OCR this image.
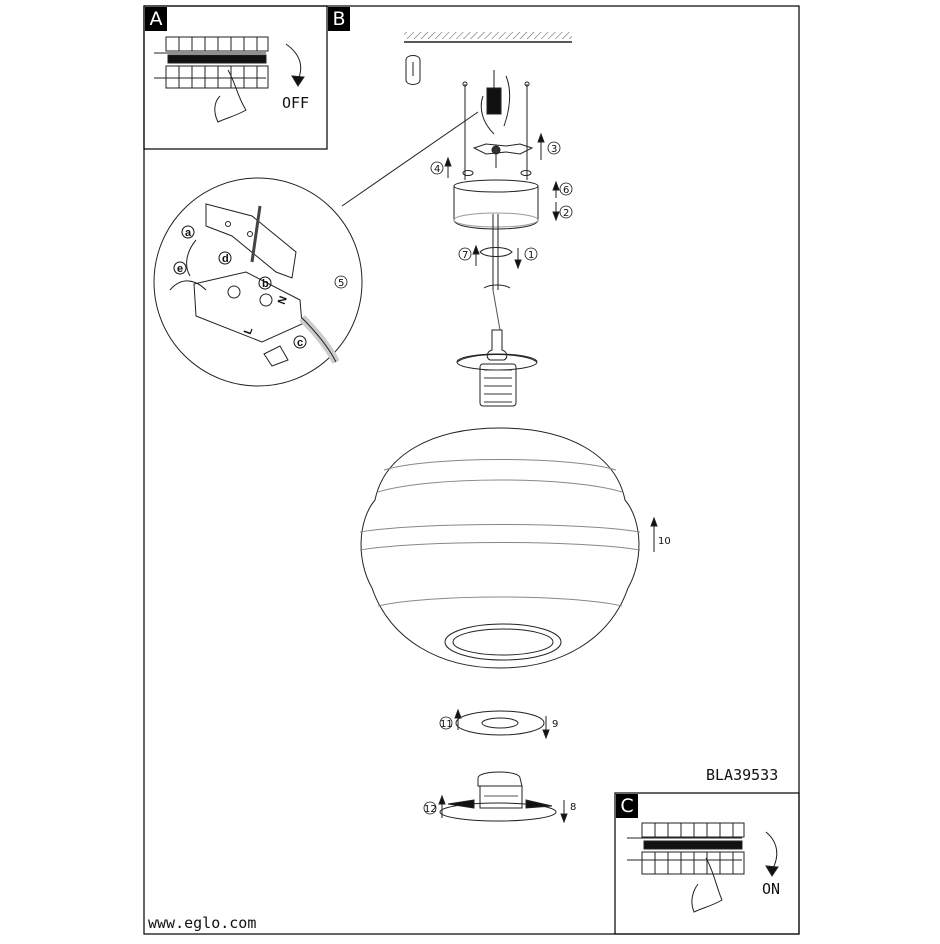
A	B
C
OFF
ON
BLA39533
www.eglo.com
3
4
6
2
7	1
5
10
11	9
12	8
a
b
c
d
e
N
L
